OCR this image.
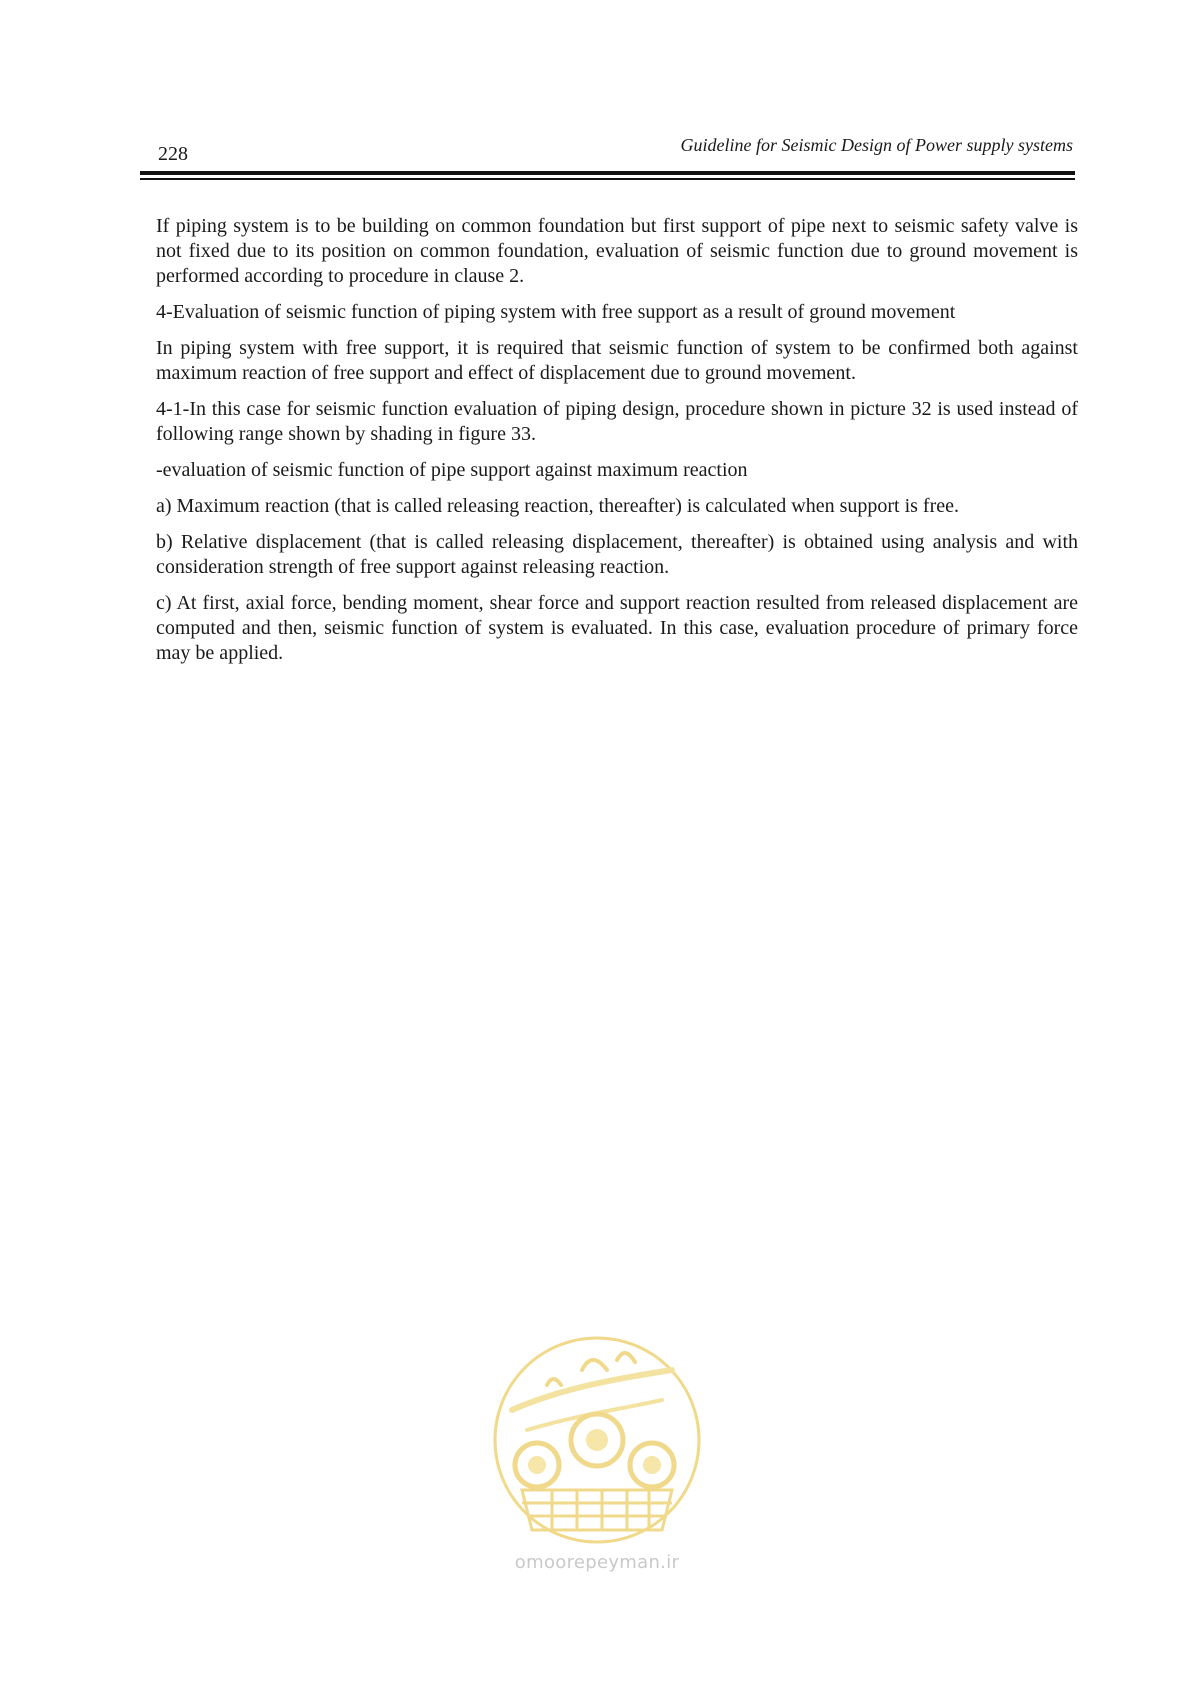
228	Guideline for Seismic Design of Power supply systems

If piping system is to be building on common foundation but first support of pipe next to seismic safety valve is not fixed due to its position on common foundation, evaluation of seismic function due to ground movement is performed according to procedure in clause 2.

4-Evaluation of seismic function of piping system with free support as a result of ground movement

In piping system with free support, it is required that seismic function of system to be confirmed both against maximum reaction of free support and effect of displacement due to ground movement.

4-1-In this case for seismic function evaluation of piping design, procedure shown in picture 32 is used instead of following range shown by shading in figure 33.

-evaluation of seismic function of pipe support against maximum reaction

a) Maximum reaction (that is called releasing reaction, thereafter) is calculated when support is free.

b) Relative displacement (that is called releasing displacement, thereafter) is obtained using analysis and with consideration strength of free support against releasing reaction.

c) At first, axial force, bending moment, shear force and support reaction resulted from released displacement are computed and then, seismic function of system is evaluated. In this case, evaluation procedure of primary force may be applied.

omoorepeyman.ir
